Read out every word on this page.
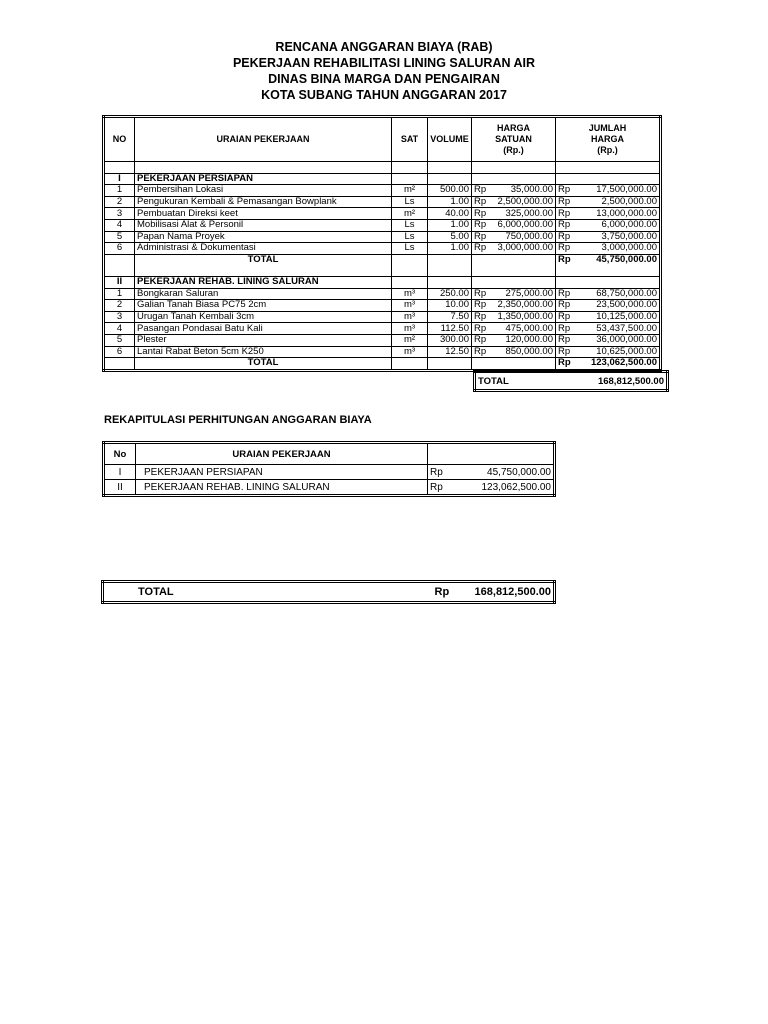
RENCANA ANGGARAN BIAYA (RAB)
PEKERJAAN REHABILITASI LINING SALURAN AIR
DINAS BINA MARGA DAN PENGAIRAN
KOTA SUBANG TAHUN ANGGARAN 2017
NO	URAIAN PEKERJAAN	SAT	VOLUME	HARGA
SATUAN
(Rp.)		JUMLAH
HARGA
(Rp.)	

I	PEKERJAAN PERSIAPAN						
1	Pembersihan Lokasi	m²	500.00	Rp	35,000.00	Rp	17,500,000.00
2	Pengukuran Kembali & Pemasangan Bowplank	Ls	1.00	Rp	2,500,000.00	Rp	2,500,000.00
3	Pembuatan Direksi keet	m²	40.00	Rp	325,000.00	Rp	13,000,000.00
4	Mobilisasi Alat & Personil	Ls	1.00	Rp	6,000,000.00	Rp	6,000,000.00
5	Papan Nama Proyek	Ls	5.00	Rp	750,000.00	Rp	3,750,000.00
6	Administrasi & Dokumentasi	Ls	1.00	Rp	3,000,000.00	Rp	3,000,000.00
	TOTAL					Rp	45,750,000.00

II	PEKERJAAN REHAB. LINING SALURAN						
1	Bongkaran Saluran	m³	250.00	Rp	275,000.00	Rp	68,750,000.00
2	Galian Tanah Biasa PC75 2cm	m³	10.00	Rp	2,350,000.00	Rp	23,500,000.00
3	Urugan Tanah Kembali 3cm	m³	7.50	Rp	1,350,000.00	Rp	10,125,000.00
4	Pasangan Pondasai Batu Kali	m³	112.50	Rp	475,000.00	Rp	53,437,500.00
5	Plester	m²	300.00	Rp	120,000.00	Rp	36,000,000.00
6	Lantai Rabat Beton 5cm K250	m³	12.50	Rp	850,000.00	Rp	10,625,000.00
	TOTAL					Rp	123,062,500.00
TOTAL	168,812,500.00
REKAPITULASI PERHITUNGAN ANGGARAN BIAYA
No	URAIAN PEKERJAAN		
I	PEKERJAAN PERSIAPAN	Rp	45,750,000.00
II	PEKERJAAN REHAB. LINING SALURAN	Rp	123,062,500.00
TOTAL	Rp	168,812,500.00
